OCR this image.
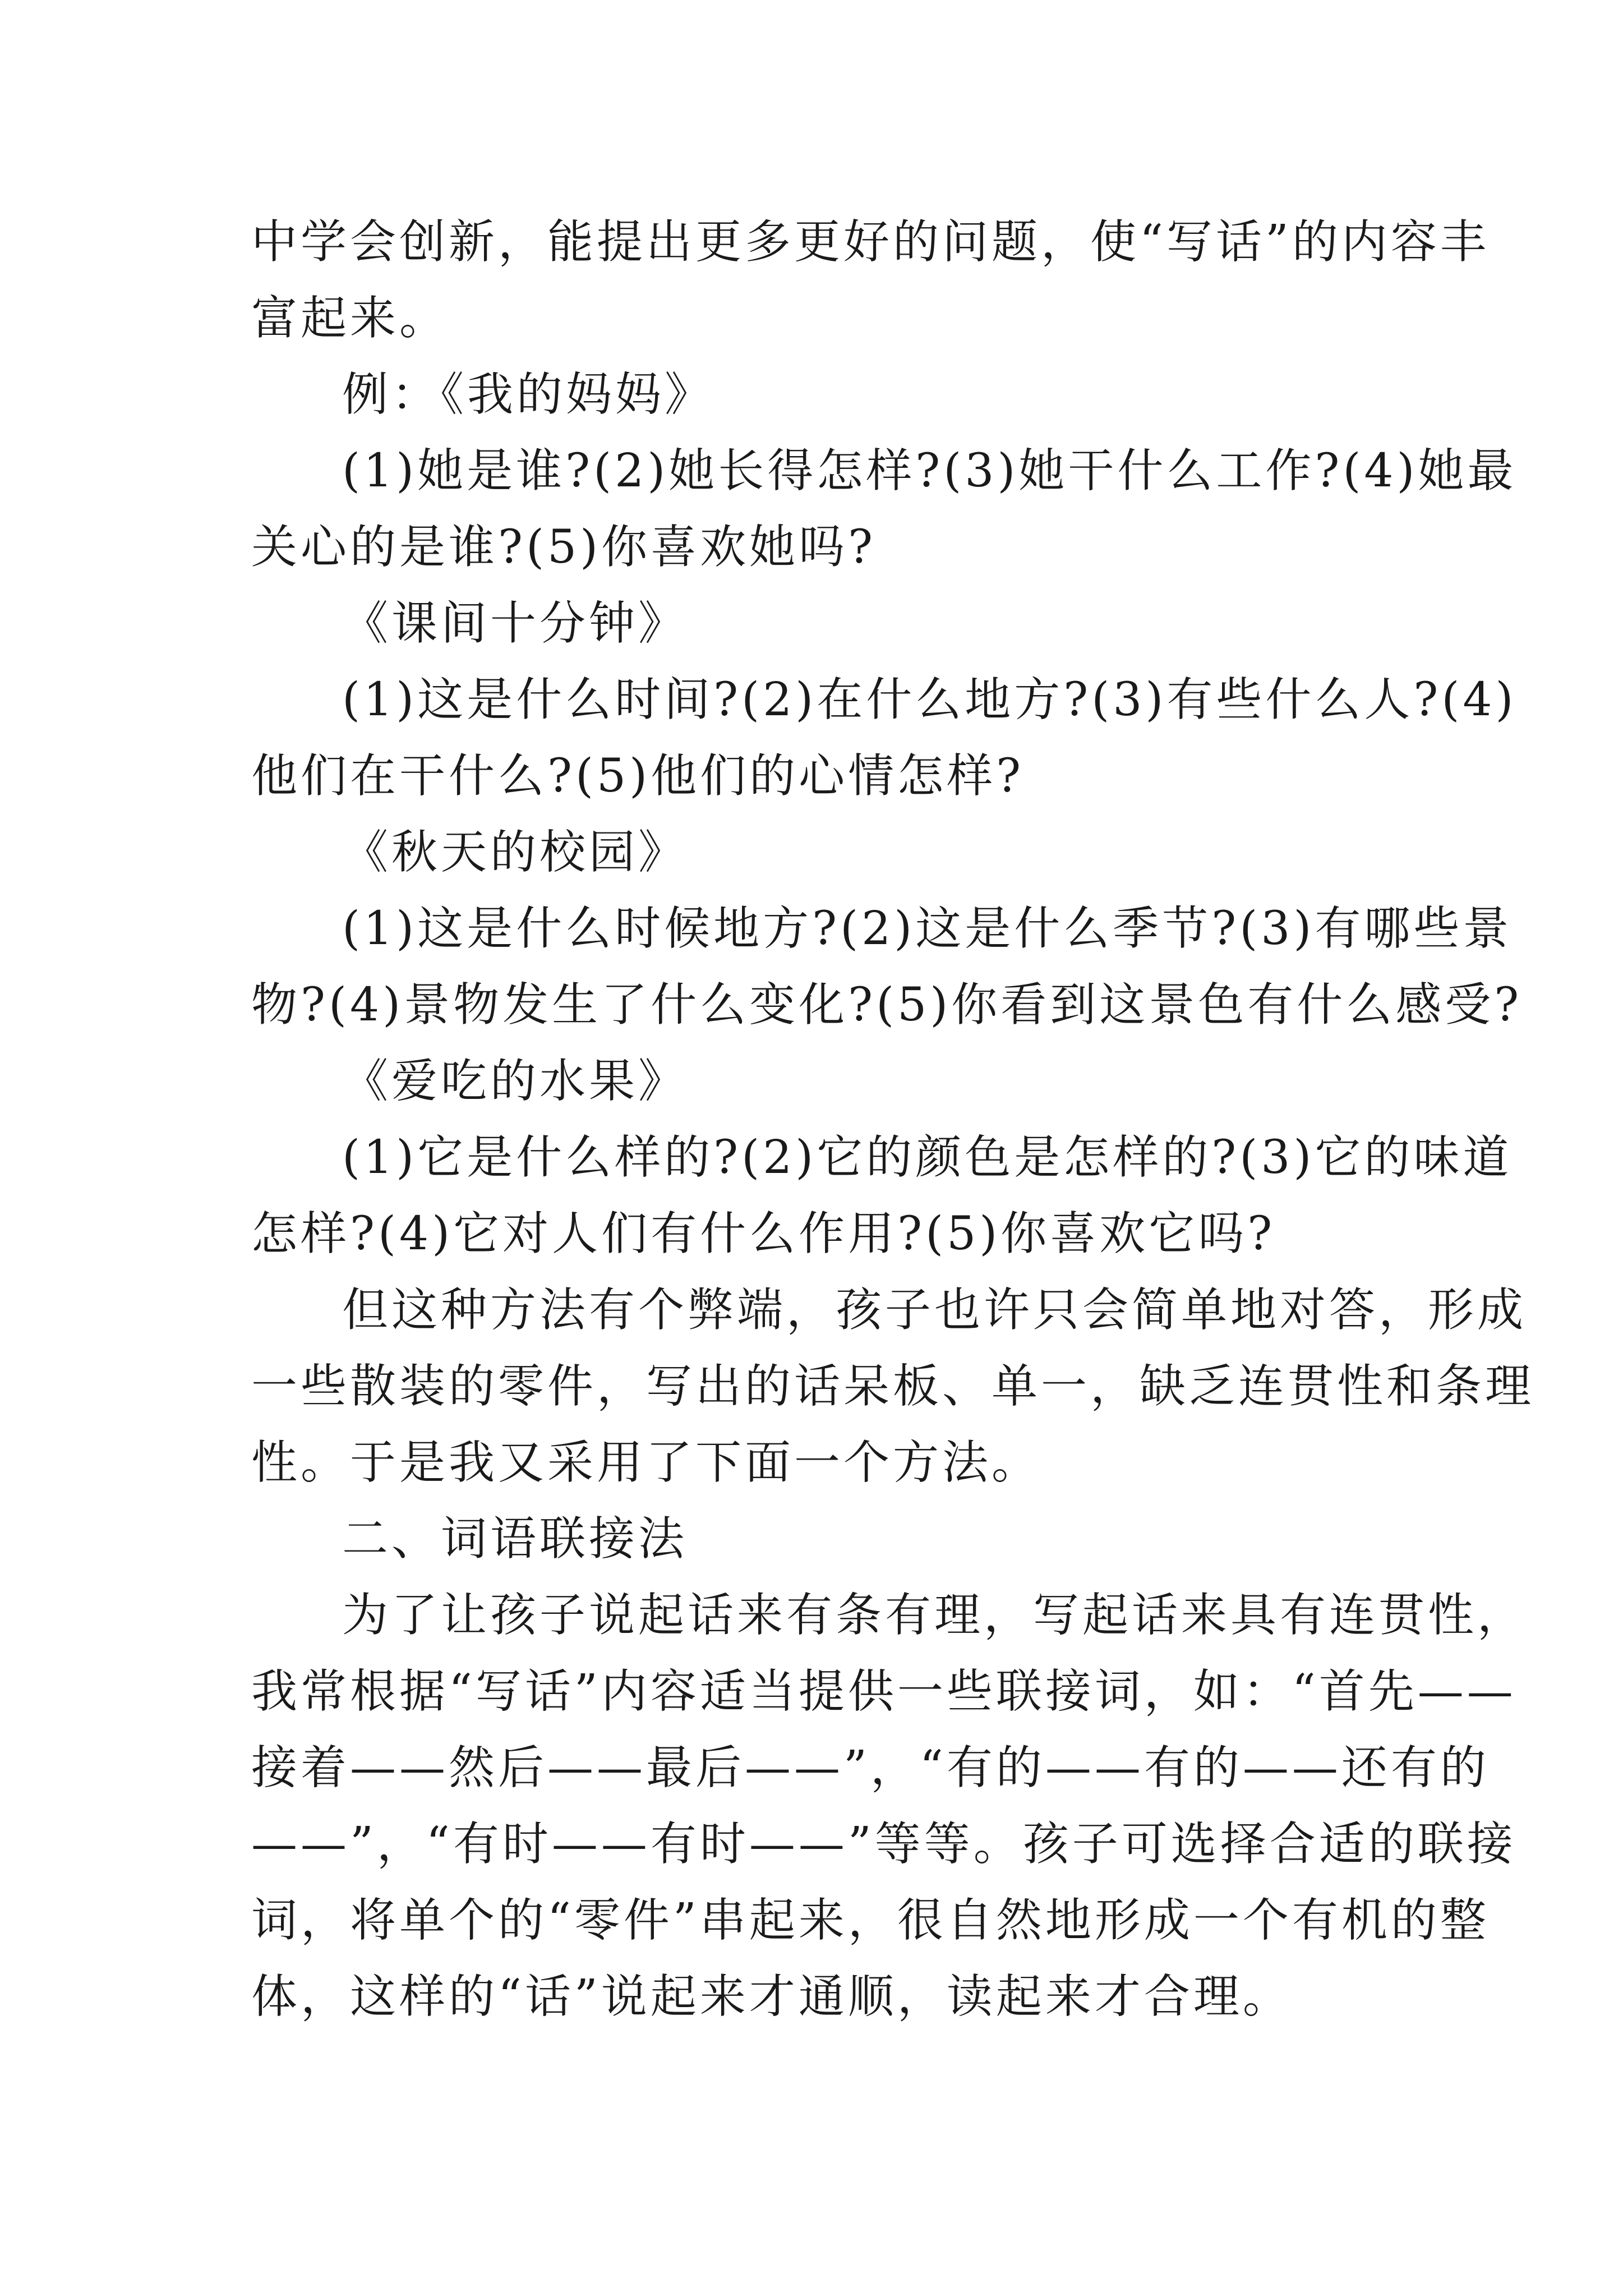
中学会创新，能提出更多更好的问题，使“写话”的内容丰
富起来。
例：《我的妈妈》
(1)她是谁?(2)她长得怎样?(3)她干什么工作?(4)她最
关心的是谁?(5)你喜欢她吗?
《课间十分钟》
(1)这是什么时间?(2)在什么地方?(3)有些什么人?(4)
他们在干什么?(5)他们的心情怎样?
《秋天的校园》
(1)这是什么时候地方?(2)这是什么季节?(3)有哪些景
物?(4)景物发生了什么变化?(5)你看到这景色有什么感受?
《爱吃的水果》
(1)它是什么样的?(2)它的颜色是怎样的?(3)它的味道
怎样?(4)它对人们有什么作用?(5)你喜欢它吗?
但这种方法有个弊端，孩子也许只会简单地对答，形成
一些散装的零件，写出的话呆板、单一，缺乏连贯性和条理
性。于是我又采用了下面一个方法。
二、词语联接法
为了让孩子说起话来有条有理，写起话来具有连贯性，
我常根据“写话”内容适当提供一些联接词，如：“首先——
接着——然后——最后——”，“有的——有的——还有的
——”，“有时——有时——”等等。孩子可选择合适的联接
词，将单个的“零件”串起来，很自然地形成一个有机的整
体，这样的“话”说起来才通顺，读起来才合理。
